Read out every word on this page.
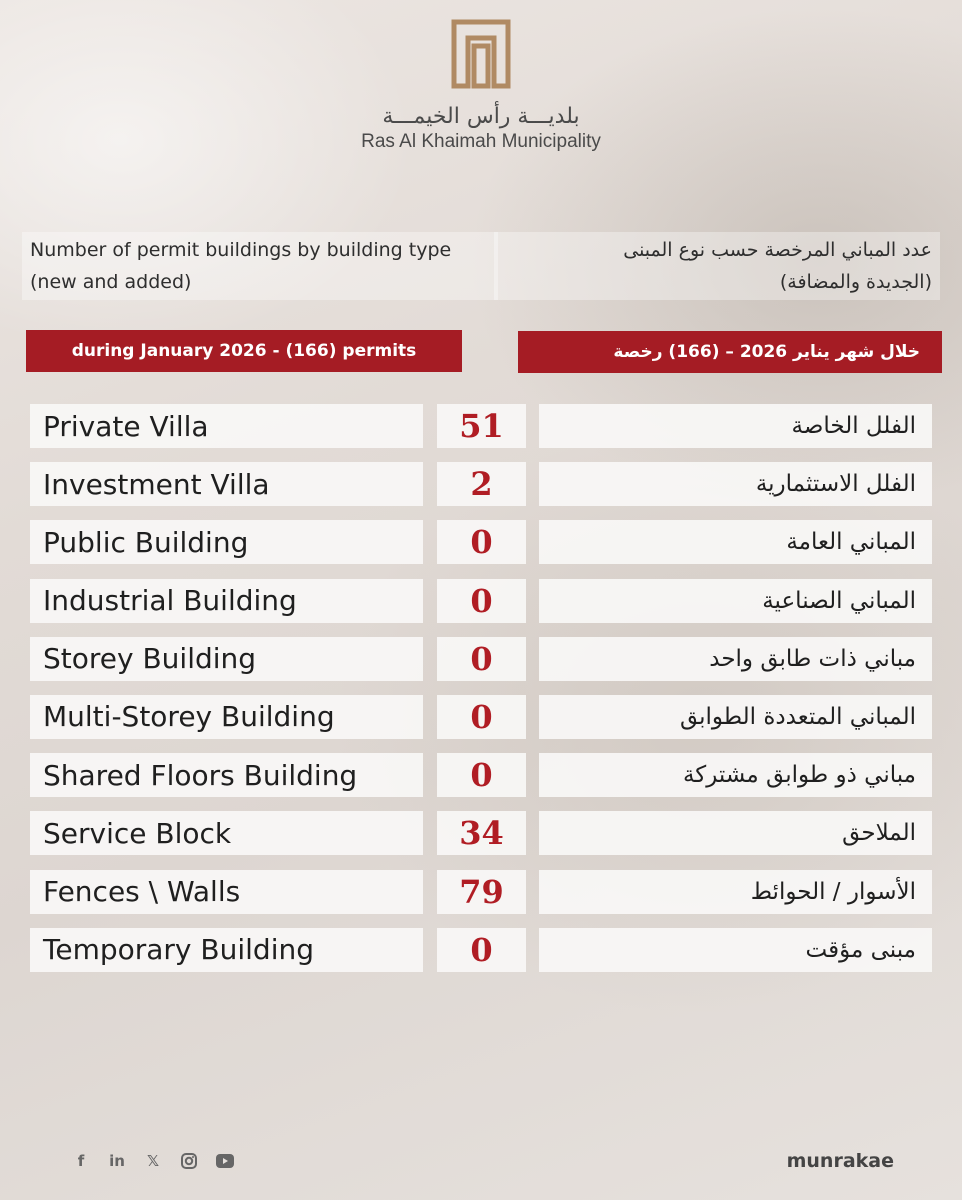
بلديـــة رأس الخيمـــة
Ras Al Khaimah Municipality
Number of permit buildings by building type
(new and added)
عدد المباني المرخصة حسب نوع المبنى
(الجديدة والمضافة)
during January 2026 - (166) permits	خلال شهر يناير 2026 – (166) رخصة
Private Villa	51	الفلل الخاصة
Investment Villa	2	الفلل الاستثمارية
Public Building	0	المباني العامة
Industrial Building	0	المباني الصناعية
Storey Building	0	مباني ذات طابق واحد
Multi-Storey Building	0	المباني المتعددة الطوابق
Shared Floors Building	0	مباني ذو طوابق مشتركة
Service Block	34	الملاحق
Fences \ Walls	79	الأسوار / الحوائط
Temporary Building	0	مبنى مؤقت
f	in	𝕏	munrakae
